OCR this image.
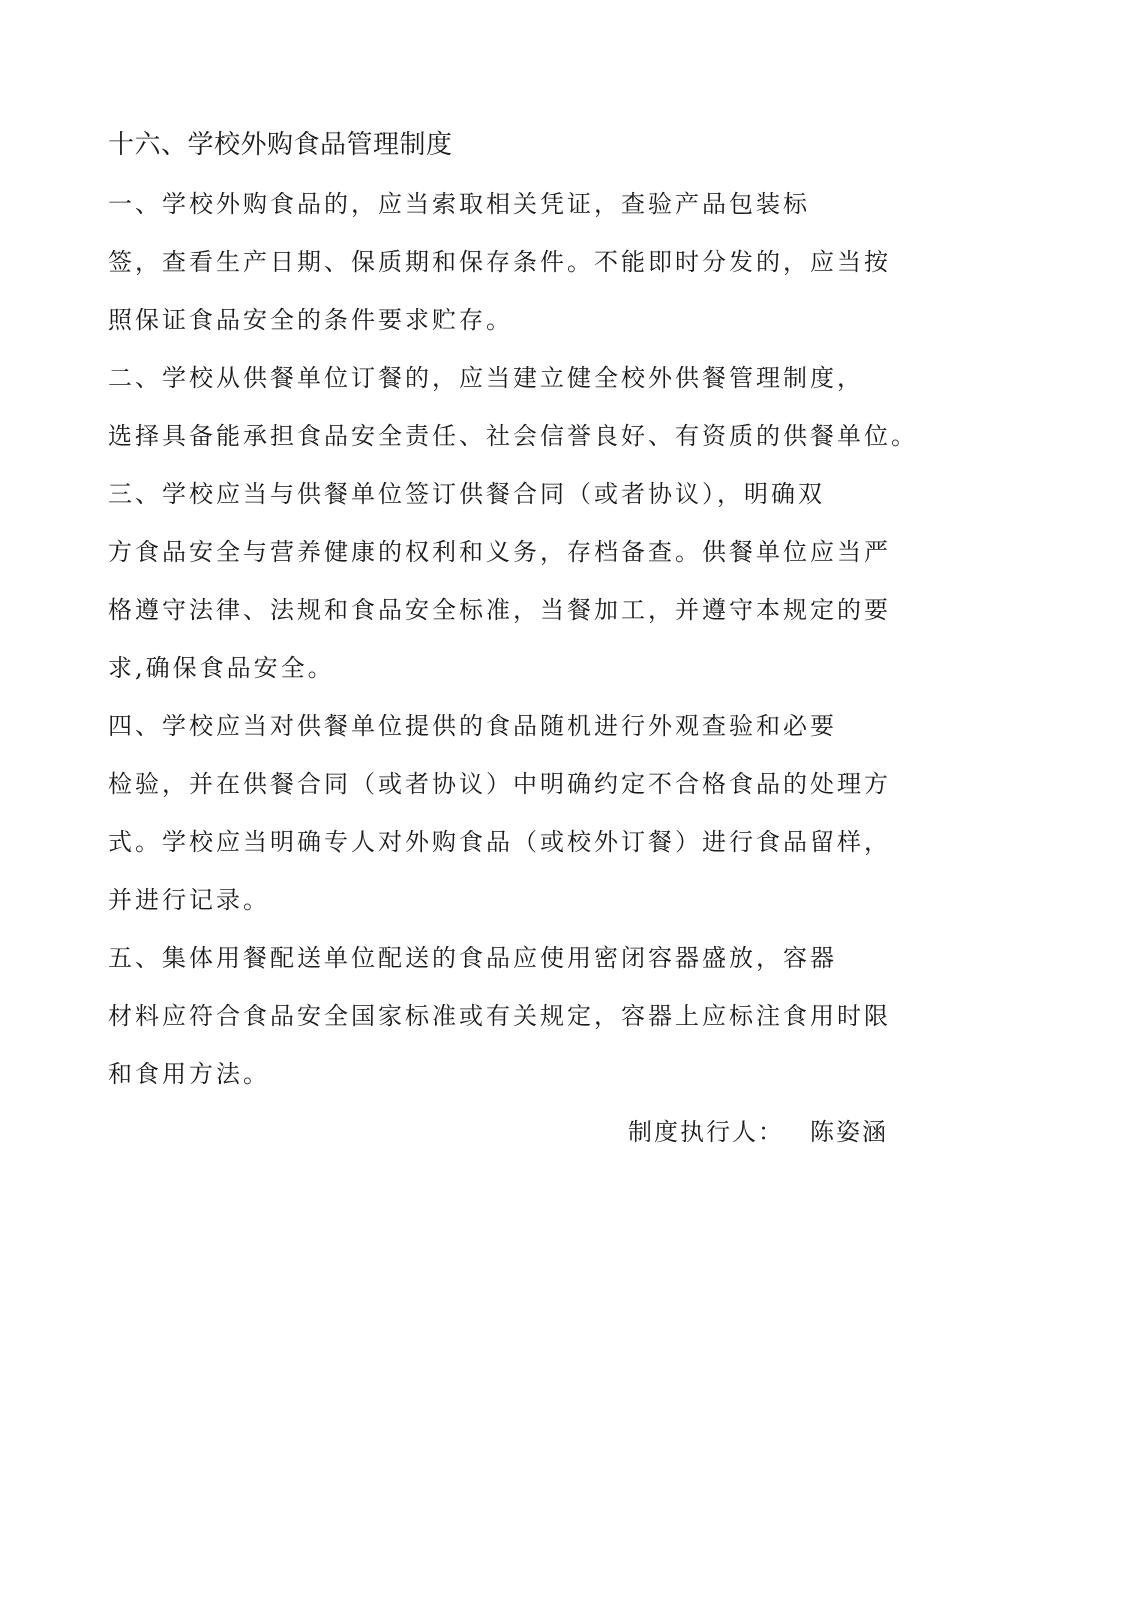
十六、学校外购食品管理制度
一、学校外购食品的，应当索取相关凭证，查验产品包装标
签，查看生产日期、保质期和保存条件。不能即时分发的，应当按
照保证食品安全的条件要求贮存。
二、学校从供餐单位订餐的，应当建立健全校外供餐管理制度，
选择具备能承担食品安全责任、社会信誉良好、有资质的供餐单位。
三、学校应当与供餐单位签订供餐合同（或者协议），明确双
方食品安全与营养健康的权利和义务，存档备查。供餐单位应当严
格遵守法律、法规和食品安全标准，当餐加工，并遵守本规定的要
求,确保食品安全。
四、学校应当对供餐单位提供的食品随机进行外观查验和必要
检验，并在供餐合同（或者协议）中明确约定不合格食品的处理方
式。学校应当明确专人对外购食品（或校外订餐）进行食品留样，
并进行记录。
五、集体用餐配送单位配送的食品应使用密闭容器盛放，容器
材料应符合食品安全国家标准或有关规定，容器上应标注食用时限
和食用方法。
制度执行人： 陈姿涵
